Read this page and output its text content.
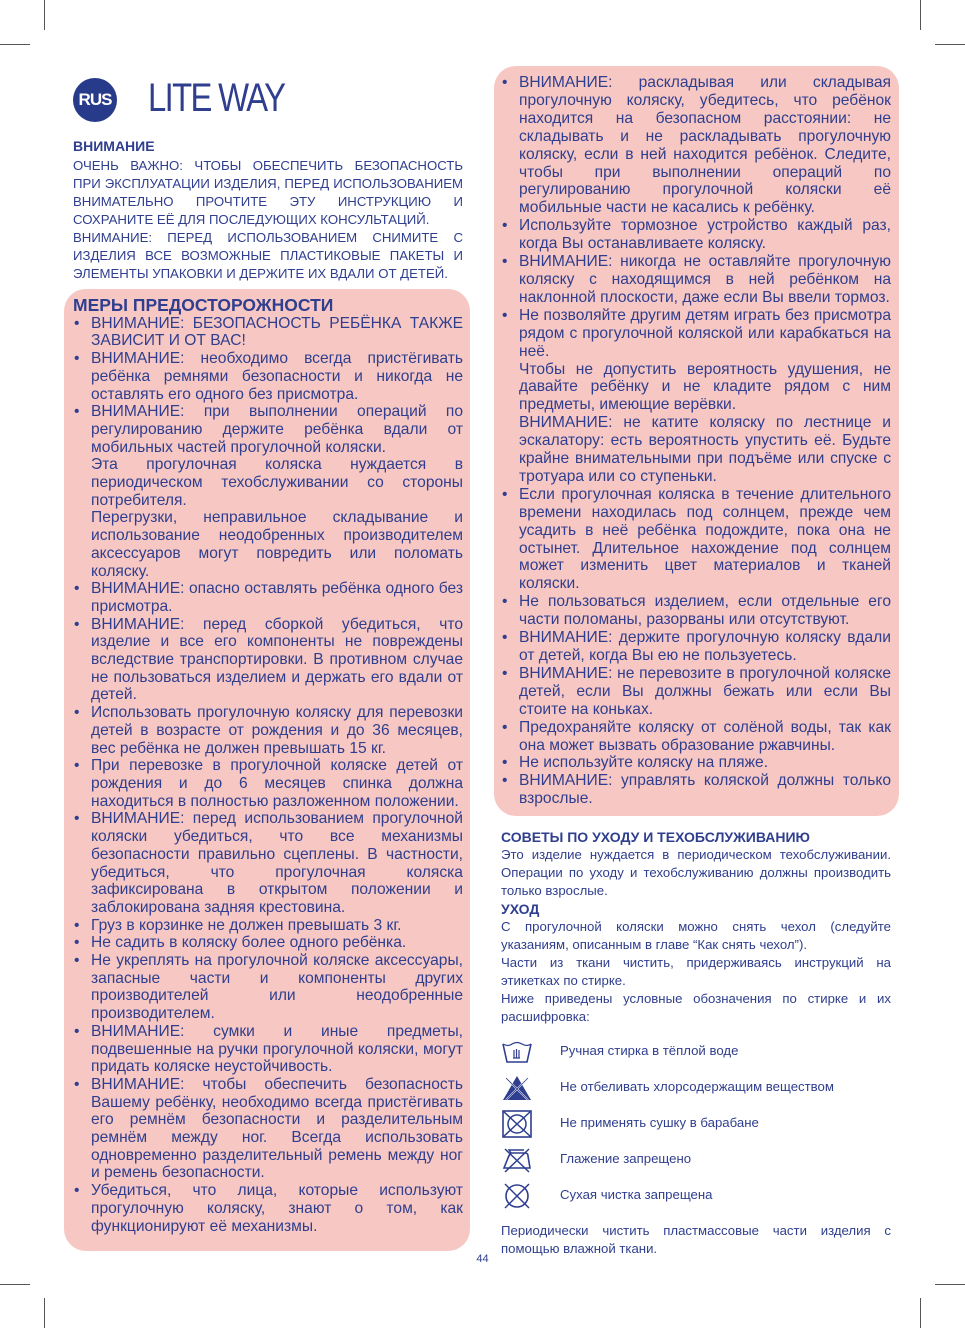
RUS LITE WAY
ВНИМАНИЕ

ОЧЕНЬ ВАЖНО: ЧТОБЫ ОБЕСПЕЧИТЬ БЕЗОПАСНОСТЬ ПРИ ЭКСПЛУАТАЦИИ ИЗДЕЛИЯ, ПЕРЕД ИСПОЛЬЗОВАНИЕМ ВНИМАТЕЛЬНО ПРОЧТИТЕ ЭТУ ИНСТРУКЦИЮ И СОХРАНИТЕ ЕЁ ДЛЯ ПОСЛЕДУЮЩИХ КОНСУЛЬТАЦИЙ.

ВНИМАНИЕ: ПЕРЕД ИСПОЛЬЗОВАНИЕМ СНИМИТЕ С ИЗДЕЛИЯ ВСЕ ВОЗМОЖНЫЕ ПЛАСТИКОВЫЕ ПАКЕТЫ И ЭЛЕМЕНТЫ УПАКОВКИ И ДЕРЖИТЕ ИХ ВДАЛИ ОТ ДЕТЕЙ.

МЕРЫ ПРЕДОСТОРОЖНОСТИ

• ВНИМАНИЕ: БЕЗОПАСНОСТЬ РЕБЁНКА ТАКЖЕ ЗАВИСИТ И ОТ ВАС!

• ВНИМАНИЕ: необходимо всегда пристёгивать ребёнка ремнями безопасности и никогда не оставлять его одного без присмотра.

• ВНИМАНИЕ: при выполнении операций по регулированию держите ребёнка вдали от мобильных частей прогулочной коляски.

Эта прогулочная коляска нуждается в периодическом техобслуживании со стороны потребителя.

Перегрузки, неправильное складывание и использование неодобренных производителем аксессуаров могут повредить или поломать коляску.

• ВНИМАНИЕ: опасно оставлять ребёнка одного без присмотра.

• ВНИМАНИЕ: перед сборкой убедиться, что изделие и все его компоненты не повреждены вследствие транспортировки. В противном случае не пользоваться изделием и держать его вдали от детей.

• Использовать прогулочную коляску для перевозки детей в возрасте от рождения и до 36 месяцев, вес ребёнка не должен превышать 15 кг.

• При перевозке в прогулочной коляске детей от рождения и до 6 месяцев спинка должна находиться в полностью разложенном положении.

• ВНИМАНИЕ: перед использованием прогулочной коляски убедиться, что все механизмы безопасности правильно сцеплены. В частности, убедиться, что прогулочная коляска зафиксирована в открытом положении и заблокирована задняя крестовина.

• Груз в корзинке не должен превышать 3 кг.

• Не садить в коляску более одного ребёнка.

• Не укреплять на прогулочной коляске аксессуары, запасные части и компоненты других производителей или неодобренные производителем.

• ВНИМАНИЕ: сумки и иные предметы, подвешенные на ручки прогулочной коляски, могут придать коляске неустойчивость.

• ВНИМАНИЕ: чтобы обеспечить безопасность Вашему ребёнку, необходимо всегда пристёгивать его ремнём безопасности и разделительным ремнём между ног. Всегда использовать одновременно разделительный ремень между ног и ремень безопасности.

• Убедиться, что лица, которые используют прогулочную коляску, знают о том, как функционируют её механизмы.

• ВНИМАНИЕ: раскладывая или складывая прогулочную коляску, убедитесь, что ребёнок находится на безопасном расстоянии: не складывать и не раскладывать прогулочную коляску, если в ней находится ребёнок. Следите, чтобы при выполнении операций по регулированию прогулочной коляски её мобильные части не касались к ребёнку.

• Используйте тормозное устройство каждый раз, когда Вы останавливаете коляску.

• ВНИМАНИЕ: никогда не оставляйте прогулочную коляску с находящимся в ней ребёнком на наклонной плоскости, даже если Вы ввели тормоз.

• Не позволяйте другим детям играть без присмотра рядом с прогулочной коляской или карабкаться на неё.

Чтобы не допустить вероятность удушения, не давайте ребёнку и не кладите рядом с ним предметы, имеющие верёвки.

ВНИМАНИЕ: не катите коляску по лестнице и эскалатору: есть вероятность упустить её. Будьте крайне внимательными при подъёме или спуске с тротуара или со ступеньки.

• Если прогулочная коляска в течение длительного времени находилась под солнцем, прежде чем усадить в неё ребёнка подождите, пока она не остынет. Длительное нахождение под солнцем может изменить цвет материалов и тканей коляски.

• Не пользоваться изделием, если отдельные его части поломаны, разорваны или отсутствуют.

• ВНИМАНИЕ: держите прогулочную коляску вдали от детей, когда Вы ею не пользуетесь.

• ВНИМАНИЕ: не перевозите в прогулочной коляске детей, если Вы должны бежать или если Вы стоите на коньках.

• Предохраняйте коляску от солёной воды, так как она может вызвать образование ржавчины.

• Не используйте коляску на пляже.

• ВНИМАНИЕ: управлять коляской должны только взрослые.

СОВЕТЫ ПО УХОДУ И ТЕХОБСЛУЖИВАНИЮ

Это изделие нуждается в периодическом техобслуживании. Операции по уходу и техобслуживанию должны производить только взрослые.

УХОД

С прогулочной коляски можно снять чехол (следуйте указаниям, описанным в главе “Как снять чехол”).

Части из ткани чистить, придерживаясь инструкций на этикетках по стирке.

Ниже приведены условные обозначения по стирке и их расшифровка:

Ручная стирка в тёплой воде
Не отбеливать хлорсодержащим веществом
Не применять сушку в барабане
Глажение запрещено
Сухая чистка запрещена
Периодически чистить пластмассовые части изделия с помощью влажной ткани.
44
